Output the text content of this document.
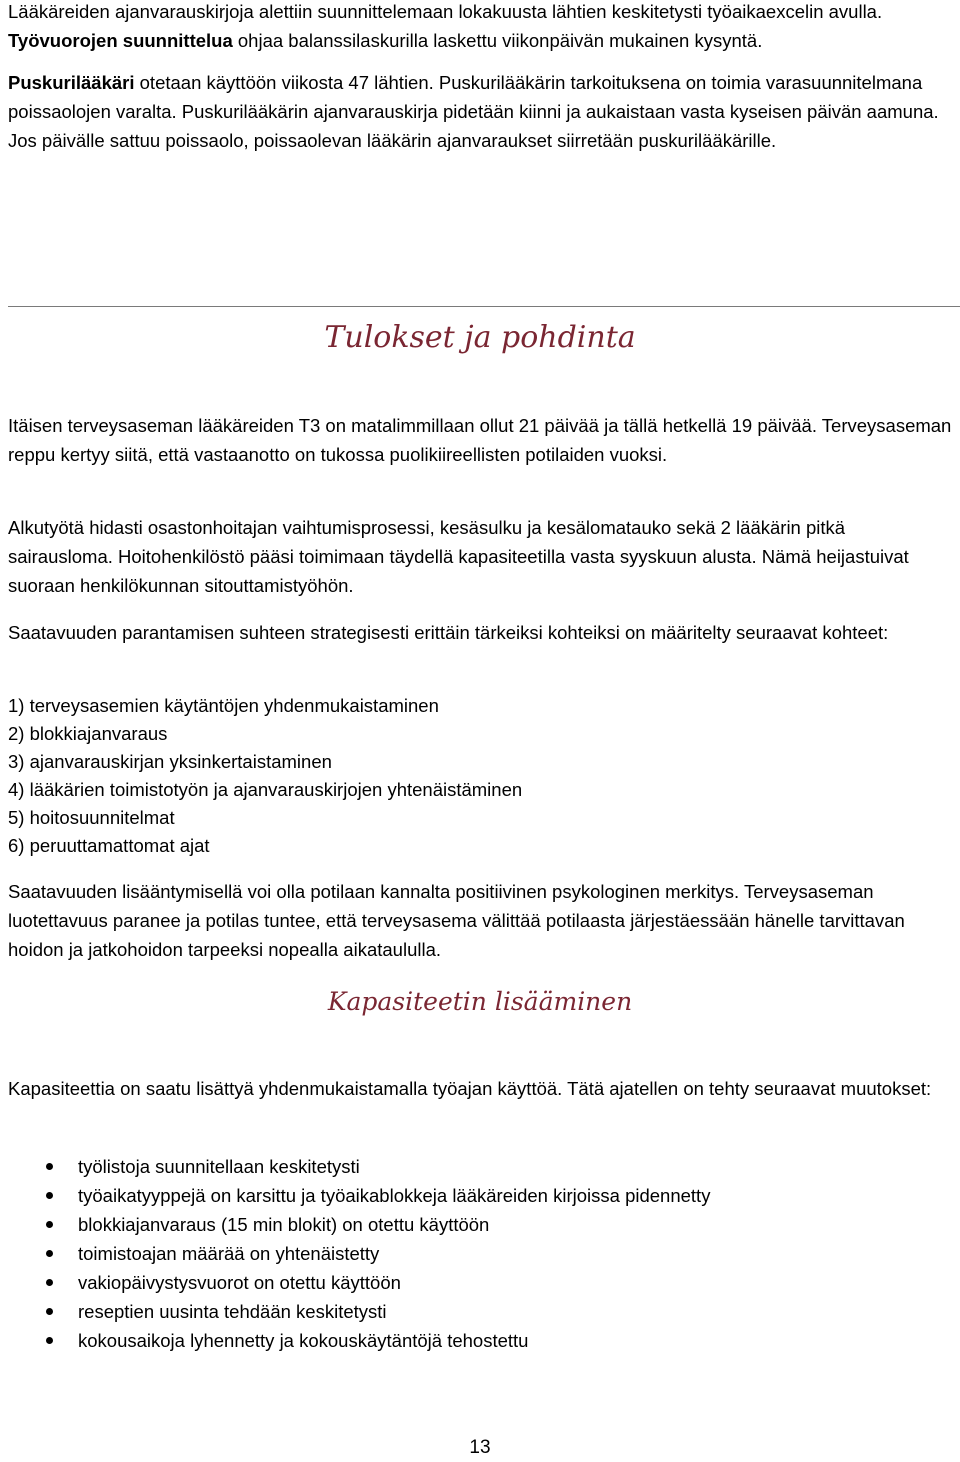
Lääkäreiden ajanvarauskirjoja alettiin suunnittelemaan lokakuusta lähtien keskitetysti työaikaexcelin avulla. Työvuorojen suunnittelua ohjaa balanssilaskurilla laskettu viikonpäivän mukainen kysyntä.

Puskurilääkäri otetaan käyttöön viikosta 47 lähtien. Puskurilääkärin tarkoituksena on toimia varasuunnitelmana poissaolojen varalta. Puskurilääkärin ajanvarauskirja pidetään kiinni ja aukaistaan vasta kyseisen päivän aamuna. Jos päivälle sattuu poissaolo, poissaolevan lääkärin ajanvaraukset siirretään puskurilääkärille.

Tulokset ja pohdinta

Itäisen terveysaseman lääkäreiden T3 on matalimmillaan ollut 21 päivää ja tällä hetkellä 19 päivää. Terveysaseman reppu kertyy siitä, että vastaanotto on tukossa puolikiireellisten potilaiden vuoksi.

Alkutyötä hidasti osastonhoitajan vaihtumisprosessi, kesäsulku ja kesälomatauko sekä 2 lääkärin pitkä sairausloma. Hoitohenkilöstö pääsi toimimaan täydellä kapasiteetilla vasta syyskuun alusta. Nämä heijastuivat suoraan henkilökunnan sitouttamistyöhön.

Saatavuuden parantamisen suhteen strategisesti erittäin tärkeiksi kohteiksi on määritelty seuraavat kohteet:

1) terveysasemien käytäntöjen yhdenmukaistaminen
2) blokkiajanvaraus
3) ajanvarauskirjan yksinkertaistaminen
4) lääkärien toimistotyön ja ajanvarauskirjojen yhtenäistäminen
5) hoitosuunnitelmat
6) peruuttamattomat ajat

Saatavuuden lisääntymisellä voi olla potilaan kannalta positiivinen psykologinen merkitys. Terveysaseman luotettavuus paranee ja potilas tuntee, että terveysasema välittää potilaasta järjestäessään hänelle tarvittavan hoidon ja jatkohoidon tarpeeksi nopealla aikataululla.

Kapasiteetin lisääminen

Kapasiteettia on saatu lisättyä yhdenmukaistamalla työajan käyttöä. Tätä ajatellen on tehty seuraavat muutokset:

työlistoja suunnitellaan keskitetysti
työaikatyyppejä on karsittu ja työaikablokkeja lääkäreiden kirjoissa pidennetty
blokkiajanvaraus (15 min blokit) on otettu käyttöön
toimistoajan määrää on yhtenäistetty
vakiopäivystysvuorot on otettu käyttöön
reseptien uusinta tehdään keskitetysti
kokousaikoja lyhennetty ja kokouskäytäntöjä tehostettu
13
